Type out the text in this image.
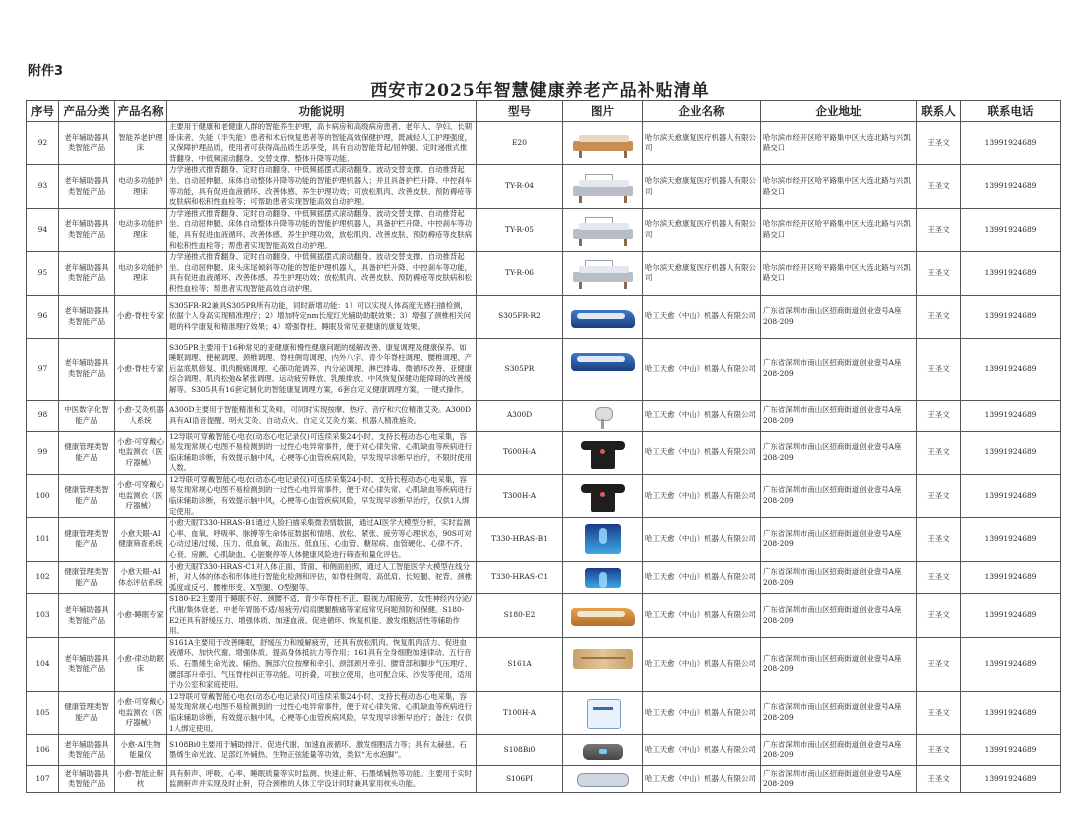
附件3
西安市2025年智慧健康养老产品补贴清单
序号	产品分类	产品名称	功能说明	型号	图片	企业名称	企业地址	联系人	联系电话
92	老年辅助器具类智能产品	智能养老护理床	主要用于健康和老健康人群的智能养生护理，高卡病房和高级病房患者、老年人、孕妇、长期卧床者、失能（半失能）患者和术后恢复患者等的智能高效保健护理，既减轻人工护理强度，又保障护理品质，使用者可获得高品质生活享受，具有自动智能背起/屈伸腿、定时递推式推背翻身、中低频滚动翻身、交替支撑、整体升降等功能。	E20		哈尔滨天愈康复医疗机器人有限公司	哈尔滨市经开区哈平路集中区大连北路与兴凯路交口	王圣文	13991924689
93	老年辅助器具类智能产品	电动多功能护理床	力学递推式推背翻身、定时自动翻身、中低频摇摆式滚动翻身、波动交替支撑、自动推背起坐、自动屈伸腿、床体自动整体升降等功能的智能护理机器人；并且具备护栏升降、中控刹车等功能，具有促进血液循环、改善体感、养生护理功效；可放松肌肉、改善皮肤、预防褥疮等皮肤病和松积性血栓等；可帮助患者实现智能高效自动护理。	TY-R-04		哈尔滨天愈康复医疗机器人有限公司	哈尔滨市经开区哈平路集中区大连北路与兴凯路交口	王圣文	13991924689
94	老年辅助器具类智能产品	电动多功能护理床	力学递推式推背翻身、定时自动翻身、中低频摇摆式滚动翻身、波动交替支撑、自动推背起坐、自动屈伸腿、床体自动整体升降等功能的智能护理机器人，具备护栏升降、中控刹车等功能，具有促进血液循环、改善体感、养生护理功效，放松肌肉、改善皮肤、预防褥疮等皮肤病和松积性血栓等；帮患者实现智能高效自动护理。	TY-R-05		哈尔滨天愈康复医疗机器人有限公司	哈尔滨市经开区哈平路集中区大连北路与兴凯路交口	王圣文	13991924689
95	老年辅助器具类智能产品	电动多功能护理床	力学递推式推背翻身、定时自动翻身、中低频摇摆式滚动翻身、波动交替支撑、自动推背起坐、自动屈伸腿、床头床尾倾斜等功能的智能护理机器人，具备护栏升降、中控刹车等功能，具有促进血液循环、改善体感、养生护理功效；放松肌肉、改善皮肤、预防褥疮等皮肤病和松积性血栓等；帮患者实现智能高效自动护理。	TY-R-06		哈尔滨天愈康复医疗机器人有限公司	哈尔滨市经开区哈平路集中区大连北路与兴凯路交口	王圣文	13991924689
96	老年辅助器具类智能产品	小愈-脊柱专家	S305FR-R2兼具S305PR所有功能，同时新增功能：1）可以实现人体高度无感扫描检测，依据个人身高实现精准理疗；2）增加特定nm长度红光辅助助眠效果；3）增强了颈椎相关问题的科学康复和精准理疗效果；4）增强脊柱、睡眠及常见亚健康的康复效果。	S305FR-R2		哈工天愈（中山）机器人有限公司	广东省深圳市南山区招商街道创业壹号A座208-209	王圣文	13991924689
97	老年辅助器具类智能产品	小愈-脊柱专家	S305PR主要用于16种常见的亚健康和慢性健康问题的缓解改善、康复调理及健康保养。如睡眠调理、便秘调理、颈椎调理、脊柱侧弯调理、内外八字、青少年脊柱调理、腰椎调理、产后盆底肌修复、肌肉酸痛调理、心肺功能调养、内分泌调理、淋巴排毒、微循环改善、亚健康综合调理、肌肉松弛&紧张调理、运动疲劳释放、乳酸排放、中风恢复保健功能障碍的改善缓解等。S305具有16套定制化的智能康复调理方案，6套自定义健康调理方案，一键式操作。	S305PR		哈工天愈（中山）机器人有限公司	广东省深圳市南山区招商街道创业壹号A座208-209	王圣文	13991924689
98	中医数字化智能产品	小愈-艾灸机器人系统	A300D主要用于智能精准和艾灸师，可同时实现按摩、热疗、音疗和穴位精准艾灸。A300D具有AI语音提醒、明火艾灸、自动点火、自定义艾灸方案、机器人精准施灸。	A300D		哈工天愈（中山）机器人有限公司	广东省深圳市南山区招商街道创业壹号A座208-209	王圣文	13991924689
99	健康管理类智能产品	小愈-可穿戴心电监测衣（医疗器械）	12导联可穿戴智能心电衣(动态心电记录仪)可连续采集24小时、支持长程动态心电采集，容易发现常规心电图不易检测到的一过性心电异常事件，便于对心律失常、心肌缺血等疾病进行临床辅助诊断，有效提示脑中风，心梗等心血管疾病风险，早发现早诊断早治疗，不限时使用人数。	T600H-A		哈工天愈（中山）机器人有限公司	广东省深圳市南山区招商街道创业壹号A座208-209	王圣文	13991924689
100	健康管理类智能产品	小愈-可穿戴心电监测衣（医疗器械）	12导联可穿戴智能心电衣(动态心电记录仪)可连续采集24小时、支持长程动态心电采集，容易发现常规心电图不易检测到的一过性心电异常事件，便于对心律失常、心肌缺血等疾病进行临床辅助诊断，有效提示脑中风，心梗等心血管疾病风险，早发现早诊断早治疗，仅供1人绑定使用。	T300H-A		哈工天愈（中山）机器人有限公司	广东省深圳市南山区招商街道创业壹号A座208-209	王圣文	13991924689
101	健康管理类智能产品	小愈天眼-AI健康筛查系统	小愈天眼T330-HRAS-B1通过人脸扫描采集微表情数据，通过AI医学大模型分析，实时监测心率、血氧、呼吸率、脉搏等生命体征数据和情绪、放松、紧张、疲劳等心理状态，90S可对心动过速/过缓、压力、低血氧、高血压、低血压、心血管、糖尿病、血管硬化、心律不齐、心衰、房颤、心肌缺血、心脏聚停等人体健康风险进行筛查和量化评估。	T330-HRAS-B1		哈工天愈（中山）机器人有限公司	广东省深圳市南山区招商街道创业壹号A座208-209	王圣文	13991924689
102	健康管理类智能产品	小愈天眼-AI体态评估系统	小愈天眼T330-HRAS-C1对人体正面、背面、和侧面拍照，通过人工智能医学大模型在线分析，对人体的体态和形体进行智能化检测和评估，如脊柱侧弯、高低肩、长短腿、驼背、颈椎弧度或反弓、腰椎形变、X型腿、O型腿等。	T330-HRAS-C1		哈工天愈（中山）机器人有限公司	广东省深圳市南山区招商街道创业壹号A座208-209	王圣文	13991924689
103	老年辅助器具类智能产品	小愈-睡眠专家	S180-E2主要用于睡眠不好、颈腰不适、青少年脊柱不正、眼视力/眼疲劳、女性神经内分泌/代谢/集体衰老、中老年胃肠不适/易疲劳/肩肩腰腿酸痛等家庭常见问题预防和保健。S180-E2还具有舒缓压力、增强体质、加速血液、促进循环、恢复机能、激发细胞活性等辅助作用。	S180-E2		哈工天愈（中山）机器人有限公司	广东省深圳市南山区招商街道创业壹号A座208-209	王圣文	13991924689
104	老年辅助器具类智能产品	小愈-律动助眠床	S161A主要用于改善睡眠，舒缓压力和缓解疲劳，还具有放松肌肉、恢复肌肉活力、促进血液循环、加快代谢、增强体质、提高身体抵抗力等作用；161具有全身细胞加速律动、五行音乐、石墨烯生命光波、辅热、腕部穴位按摩和牵引、颈部颈月牵引、腰背部和脚步气压理疗、腰部部升牵引、气压脊柱纠正等功能。可折叠，可独立使用，也可配合床、沙发等使用，适用于办公室和家庭使用。	S161A		哈工天愈（中山）机器人有限公司	广东省深圳市南山区招商街道创业壹号A座208-209	王圣文	13991924689
105	健康管理类智能产品	小愈-可穿戴心电监测衣（医疗器械）	12导联可穿戴智能心电衣(动态心电记录仪)可连续采集24小时、支持长程动态心电采集，容易发现常规心电图不易检测到的一过性心电异常事件，便于对心律失常、心肌缺血等疾病进行临床辅助诊断，有效提示脑中风，心梗等心血管疾病风险，早发现早诊断早治疗；备注：仅供1人绑定使用。	T100H-A		哈工天愈（中山）机器人有限公司	广东省深圳市南山区招商街道创业壹号A座208-209	王圣文	13991924689
106	老年辅助器具类智能产品	小愈-AI生物能量仪	S108Bi0主要用于辅助排汗、促进代谢、加速血液循环、激发细胞活力等；具有太赫兹、石墨烯生命光波、足部红外辅热、生物正弦能量等功效，类似“无水泡脚”。	S108Bi0		哈工天愈（中山）机器人有限公司	广东省深圳市南山区招商街道创业壹号A座208-209	王圣文	13991924689
107	老年辅助器具类智能产品	小愈-智能止鼾枕	具有鼾声、呼吸、心率、睡眠质量等实时监测、快速止鼾、石墨烯辅热等功能。主要用于实时监测鼾声并实现及时止鼾，符合颈椎的人体工学设计同时兼具家用枕头功能。	S106PI		哈工天愈（中山）机器人有限公司	广东省深圳市南山区招商街道创业壹号A座208-209	王圣文	13991924689
